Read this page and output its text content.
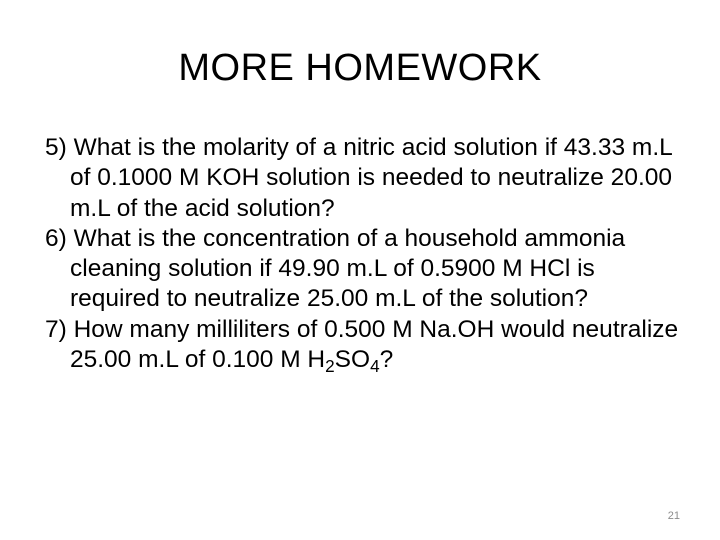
MORE HOMEWORK
5) What is the molarity of a nitric acid solution if 43.33 m.L of 0.1000 M KOH solution is needed to neutralize 20.00 m.L of the acid solution?
6) What is the concentration of a household ammonia cleaning solution if 49.90 m.L of 0.5900 M HCl is required to neutralize 25.00 m.L of the solution?
7) How many milliliters of 0.500 M Na.OH would neutralize 25.00 m.L of 0.100 M $H_2SO_4$?
21
